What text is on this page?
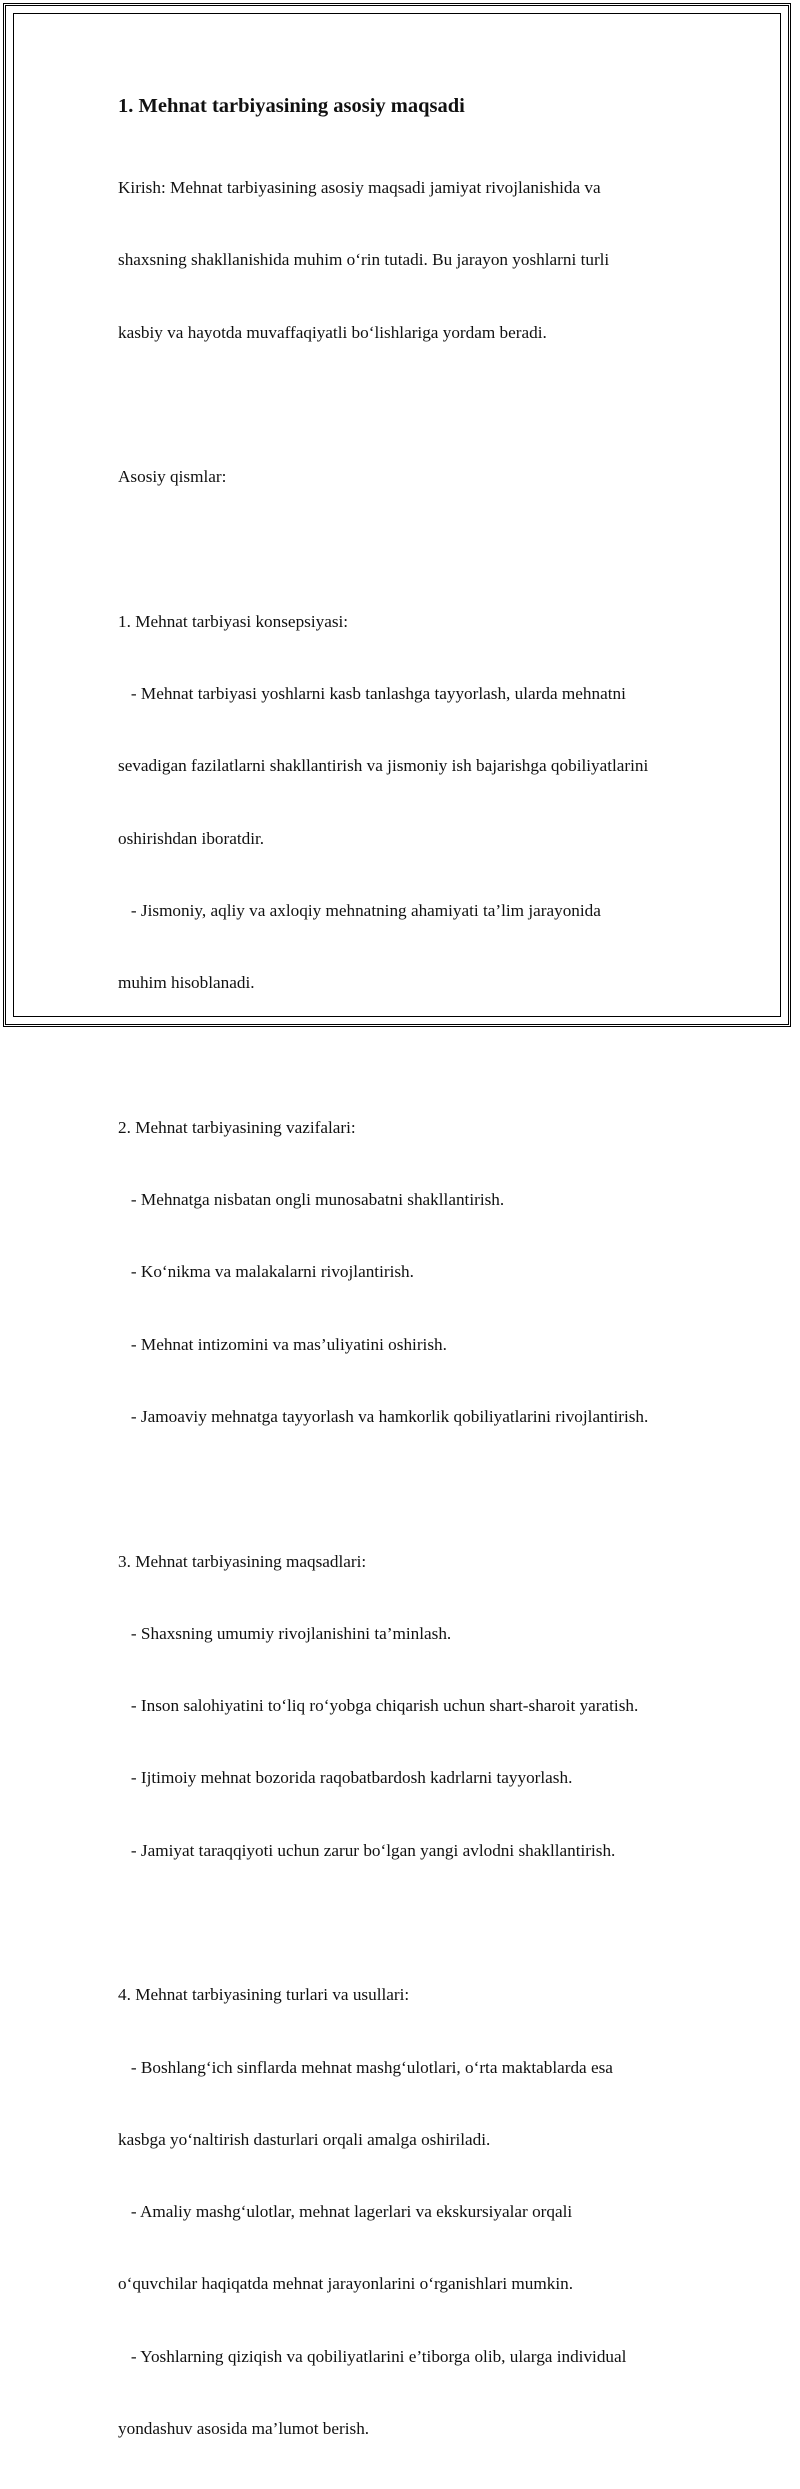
1. Mehnat tarbiyasining asosiy maqsadi

Kirish: Mehnat tarbiyasining asosiy maqsadi jamiyat rivojlanishida va

shaxsning shakllanishida muhim oʻrin tutadi. Bu jarayon yoshlarni turli

kasbiy va hayotda muvaffaqiyatli boʻlishlariga yordam beradi.

Asosiy qismlar:

1. Mehnat tarbiyasi konsepsiyasi:

- Mehnat tarbiyasi yoshlarni kasb tanlashga tayyorlash, ularda mehnatni

sevadigan fazilatlarni shakllantirish va jismoniy ish bajarishga qobiliyatlarini

oshirishdan iboratdir.

- Jismoniy, aqliy va axloqiy mehnatning ahamiyati ta’lim jarayonida

muhim hisoblanadi.

2. Mehnat tarbiyasining vazifalari:

- Mehnatga nisbatan ongli munosabatni shakllantirish.

- Koʻnikma va malakalarni rivojlantirish.

- Mehnat intizomini va mas’uliyatini oshirish.

- Jamoaviy mehnatga tayyorlash va hamkorlik qobiliyatlarini rivojlantirish.

3. Mehnat tarbiyasining maqsadlari:

- Shaxsning umumiy rivojlanishini ta’minlash.

- Inson salohiyatini toʻliq roʻyobga chiqarish uchun shart-sharoit yaratish.

- Ijtimoiy mehnat bozorida raqobatbardosh kadrlarni tayyorlash.

- Jamiyat taraqqiyoti uchun zarur boʻlgan yangi avlodni shakllantirish.

4. Mehnat tarbiyasining turlari va usullari:

- Boshlangʻich sinflarda mehnat mashgʻulotlari, oʻrta maktablarda esa

kasbga yoʻnaltirish dasturlari orqali amalga oshiriladi.

- Amaliy mashgʻulotlar, mehnat lagerlari va ekskursiyalar orqali

oʻquvchilar haqiqatda mehnat jarayonlarini oʻrganishlari mumkin.

- Yoshlarning qiziqish va qobiliyatlarini e’tiborga olib, ularga individual

yondashuv asosida ma’lumot berish.
